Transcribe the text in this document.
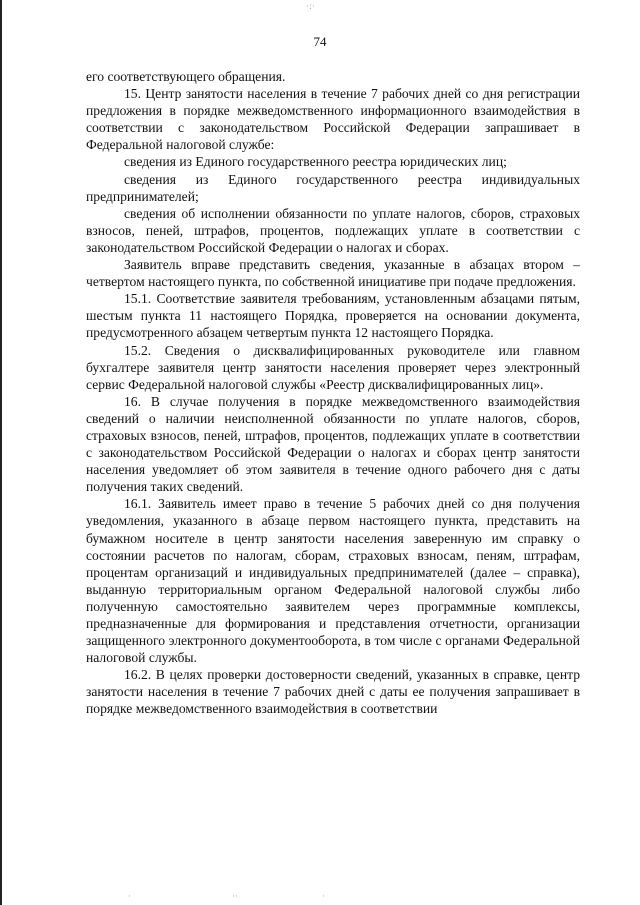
·:·
74

его соответствующего обращения.

15. Центр занятости населения в течение 7 рабочих дней со дня регистрации предложения в порядке межведомственного информационного взаимодействия в соответствии с законодательством Российской Федерации запрашивает в Федеральной налоговой службе:

сведения из Единого государственного реестра юридических лиц;

сведения из Единого государственного реестра индивидуальных предпринимателей;

сведения об исполнении обязанности по уплате налогов, сборов, страховых взносов, пеней, штрафов, процентов, подлежащих уплате в соответствии с законодательством Российской Федерации о налогах и сборах.

Заявитель вправе представить сведения, указанные в абзацах втором – четвертом настоящего пункта, по собственной инициативе при подаче предложения.

15.1. Соответствие заявителя требованиям, установленным абзацами пятым, шестым пункта 11 настоящего Порядка, проверяется на основании документа, предусмотренного абзацем четвертым пункта 12 настоящего Порядка.

15.2. Сведения о дисквалифицированных руководителе или главном бухгалтере заявителя центр занятости населения проверяет через электронный сервис Федеральной налоговой службы «Реестр дисквалифицированных лиц».

16. В случае получения в порядке межведомственного взаимодействия сведений о наличии неисполненной обязанности по уплате налогов, сборов, страховых взносов, пеней, штрафов, процентов, подлежащих уплате в соответствии с законодательством Российской Федерации о налогах и сборах центр занятости населения уведомляет об этом заявителя в течение одного рабочего дня с даты получения таких сведений.

16.1. Заявитель имеет право в течение 5 рабочих дней со дня получения уведомления, указанного в абзаце первом настоящего пункта, представить на бумажном носителе в центр занятости населения заверенную им справку о состоянии расчетов по налогам, сборам, страховых взносам, пеням, штрафам, процентам организаций и индивидуальных предпринимателей (далее – справка), выданную территориальным органом Федеральной налоговой службы либо полученную самостоятельно заявителем через программные комплексы, предназначенные для формирования и представления отчетности, организации защищенного электронного документооборота, в том числе с органами Федеральной налоговой службы.

16.2. В целях проверки достоверности сведений, указанных в справке, центр занятости населения в течение 7 рабочих дней с даты ее получения запрашивает в порядке межведомственного взаимодействия в соответствии

·	··	·
